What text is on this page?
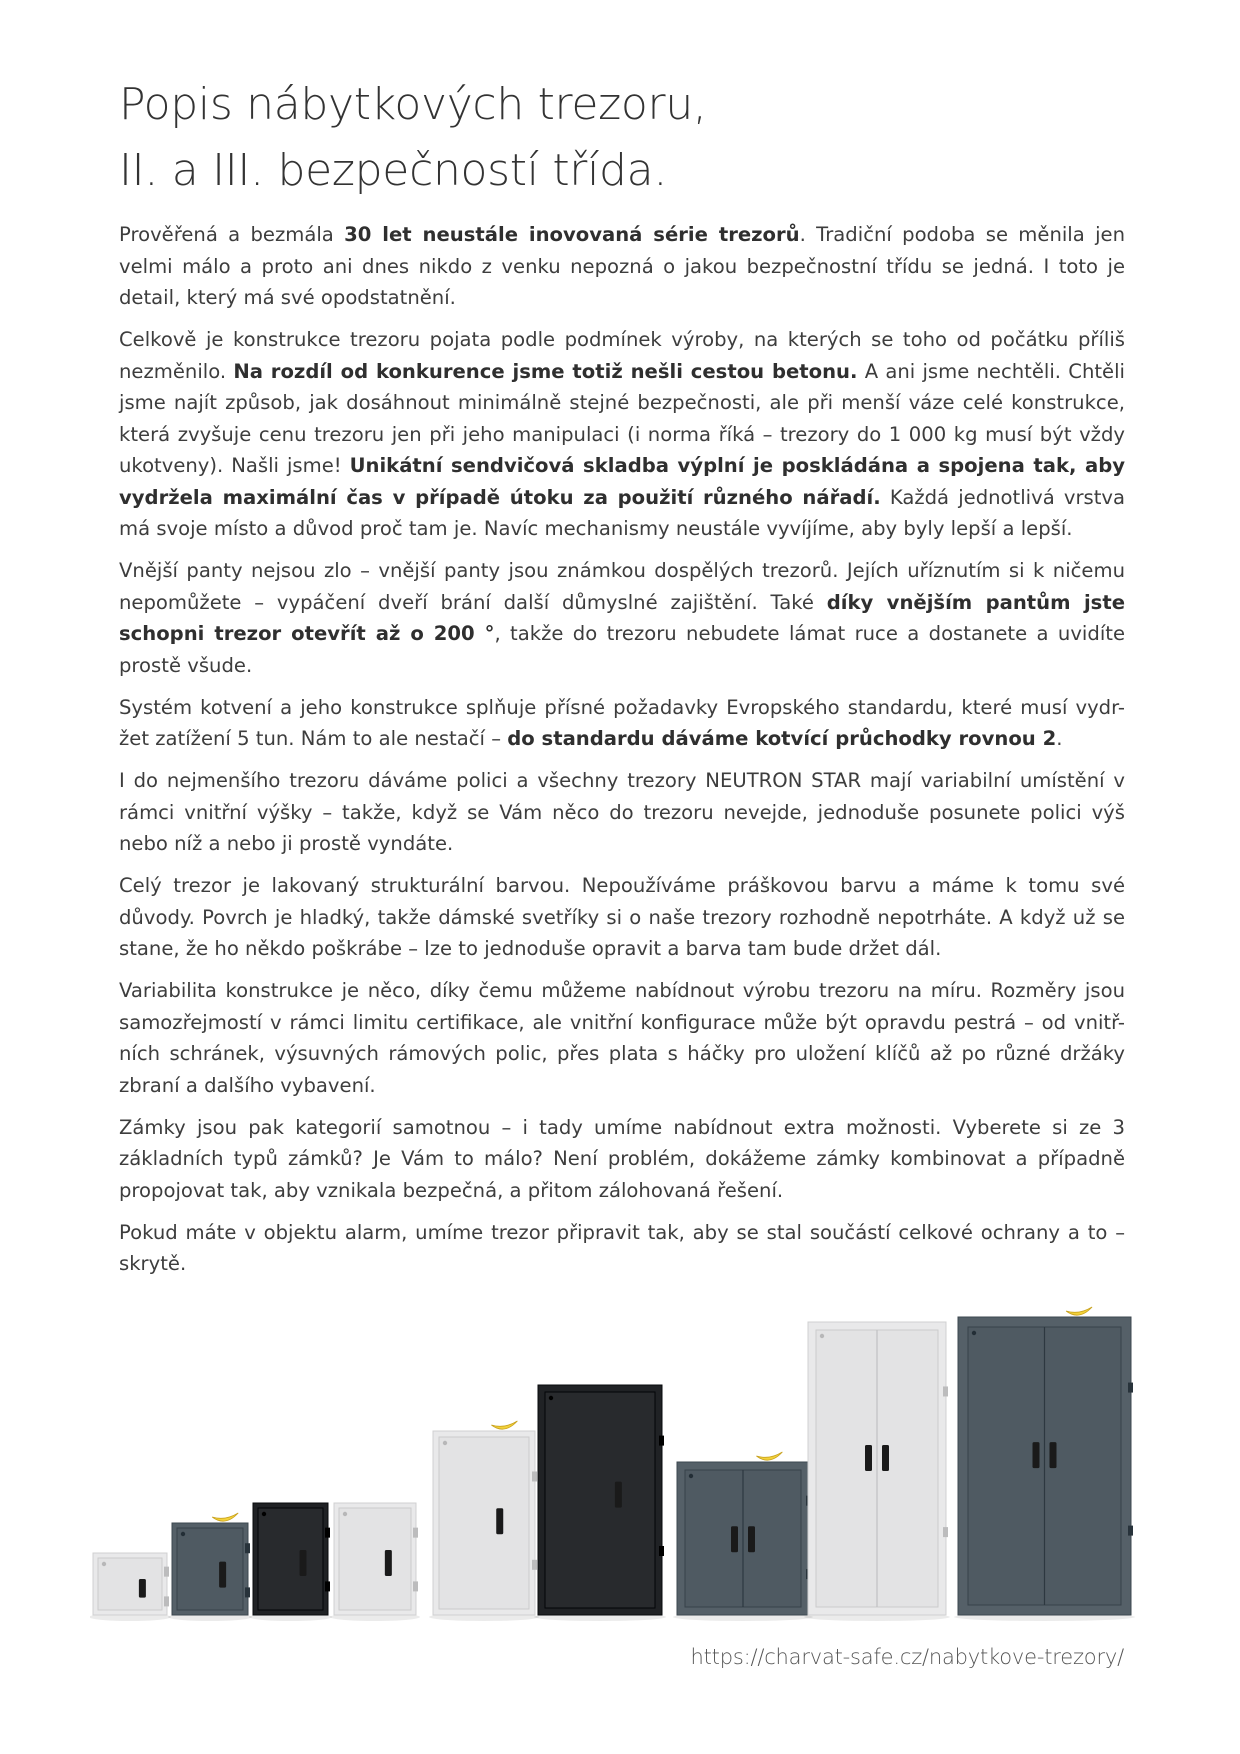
Popis nábytkových trezoru,
II. a III. bezpečností třída.

Prověřená a bezmála 30 let neustále inovovaná série trezorů. Tradiční podoba se měnila jen velmi málo a proto ani dnes nikdo z venku nepozná o jakou bezpečnostní třídu se jedná. I toto je detail, který má své opodstatnění.

Celkově je konstrukce trezoru pojata podle podmínek výroby, na kterých se toho od počátku příliš nezměnilo. Na rozdíl od konkurence jsme totiž nešli cestou betonu. A ani jsme nechtěli. Chtěli jsme najít způsob, jak dosáhnout minimálně stejné bezpečnosti, ale při menší váze celé konstrukce, která zvyšuje cenu trezoru jen při jeho manipulaci (i norma říká – trezory do 1 000 kg musí být vždy ukotveny). Našli jsme! Unikátní sendvičová skladba výplní je poskládána a spojena tak, aby vydržela maximální čas v případě útoku za použití různého nářadí. Každá jednotlivá vrstva má svoje místo a důvod proč tam je. Navíc mechanismy neustále vyvíjíme, aby byly lepší a lepší.

Vnější panty nejsou zlo – vnější panty jsou známkou dospělých trezorů. Jejích uříznutím si k ničemu nepomůžete – vypáčení dveří brání další důmyslné zajištění. Také díky vnějším pantům jste schopni trezor otevřít až o 200 °, takže do trezoru nebudete lámat ruce a dostanete a uvidíte prostě všude.

Systém kotvení a jeho konstrukce splňuje přísné požadavky Evropského standardu, které musí vydr- žet zatížení 5 tun. Nám to ale nestačí – do standardu dáváme kotvící průchodky rovnou 2.

I do nejmenšího trezoru dáváme polici a všechny trezory NEUTRON STAR mají variabilní umístění v rámci vnitřní výšky – takže, když se Vám něco do trezoru nevejde, jednoduše posunete polici výš nebo níž a nebo ji prostě vyndáte.

Celý trezor je lakovaný strukturální barvou. Nepoužíváme práškovou barvu a máme k tomu své důvody. Povrch je hladký, takže dámské svetříky si o naše trezory rozhodně nepotrháte. A když už se stane, že ho někdo poškrábe – lze to jednoduše opravit a barva tam bude držet dál.

Variabilita konstrukce je něco, díky čemu můžeme nabídnout výrobu trezoru na míru. Rozměry jsou samozřejmostí v rámci limitu certifikace, ale vnitřní konfigurace může být opravdu pestrá – od vnitř- ních schránek, výsuvných rámových polic, přes plata s háčky pro uložení klíčů až po různé držáky zbraní a dalšího vybavení.

Zámky jsou pak kategorií samotnou – i tady umíme nabídnout extra možnosti. Vyberete si ze 3 základních typů zámků? Je Vám to málo? Není problém, dokážeme zámky kombinovat a případně propojovat tak, aby vznikala bezpečná, a přitom zálohovaná řešení.

Pokud máte v objektu alarm, umíme trezor připravit tak, aby se stal součástí celkové ochrany a to – skrytě.

https://charvat-safe.cz/nabytkove-trezory/
